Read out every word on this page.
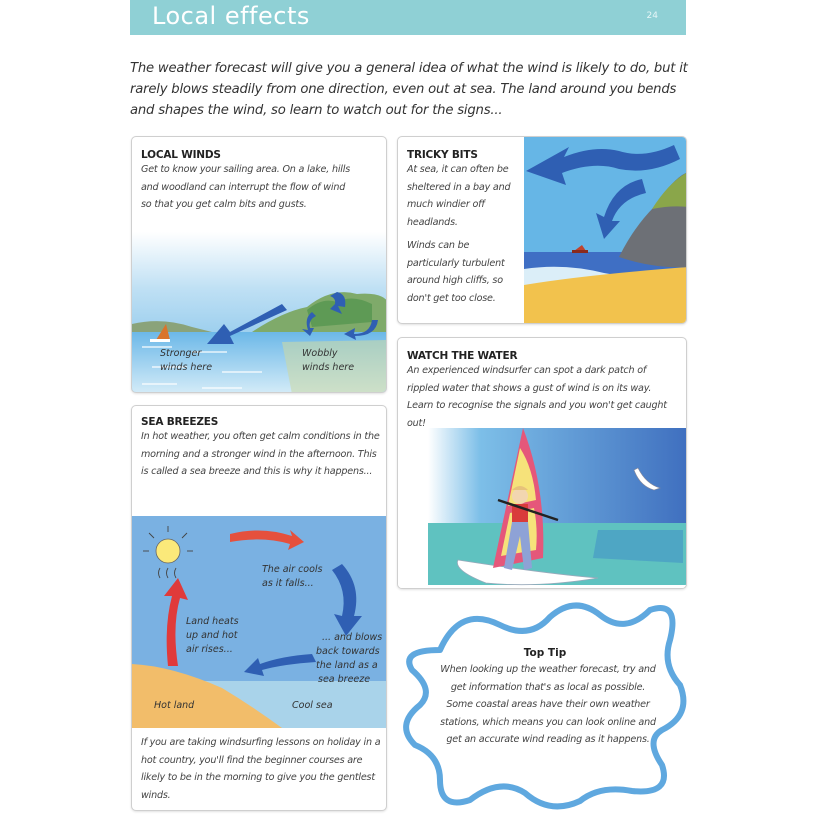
Local effects	24

The weather forecast will give you a general idea of what the wind is likely to do, but it rarely blows steadily from one direction, even out at sea. The land around you bends and shapes the wind, so learn to watch out for the signs...

LOCAL WINDS
Get to know your sailing area. On a lake, hills and woodland can interrupt the flow of wind so that you get calm bits and gusts.
Stronger
winds here
Wobbly
winds here
TRICKY BITS
At sea, it can often be sheltered in a bay and much windier off headlands.
Winds can be particularly turbulent around high cliffs, so don't get too close.
WATCH THE WATER
An experienced windsurfer can spot a dark patch of rippled water that shows a gust of wind is on its way. Learn to recognise the signals and you won't get caught out!
SEA BREEZES
In hot weather, you often get calm conditions in the morning and a stronger wind in the afternoon. This is called a sea breeze and this is why it happens...
The air cools
as it falls...
Land heats
up and hot
air rises...
... and blows
back towards
the land as a
sea breeze
Hot land	Cool sea
If you are taking windsurfing lessons on holiday in a hot country, you'll find the beginner courses are likely to be in the morning to give you the gentlest winds.
Top Tip
When looking up the weather forecast, try and get information that's as local as possible. Some coastal areas have their own weather stations, which means you can look online and get an accurate wind reading as it happens.
